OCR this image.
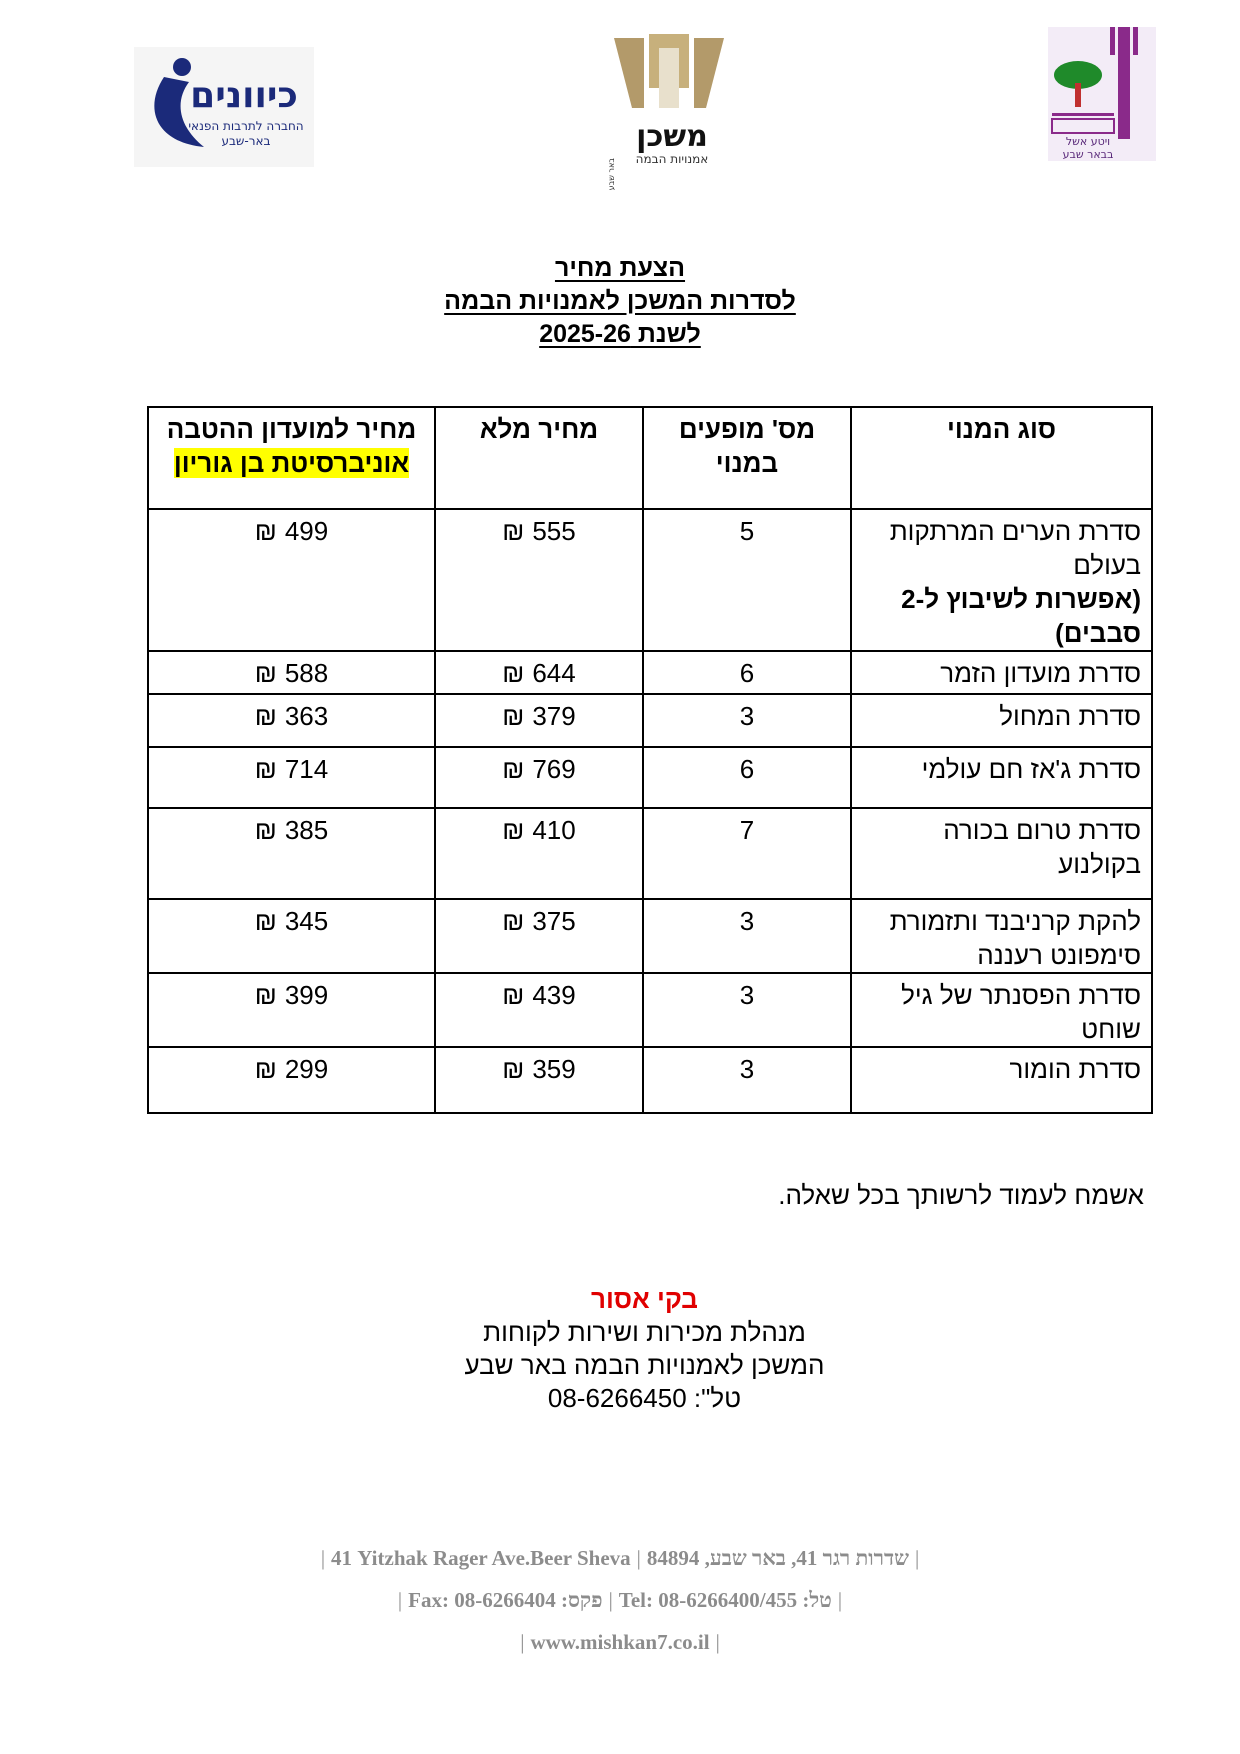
ויטע אשל
בבאר שבע
משכן
אמנויות הבמה
באר שבע
כיוונים
החברה לתרבות הפנאי
באר-שבע
הצעת מחיר
לסדרות המשכן לאמנויות הבמה
לשנת 2025-26
סוג המנוי	מס' מופעים במנוי	מחיר מלא	מחיר למועדון ההטבה
אוניברסיטת בן גוריון
סדרת הערים המרתקות בעולם
(אפשרות לשיבוץ ל-2 סבבים)	5	555₪	499₪
סדרת מועדון הזמר	6	644₪	588₪
סדרת המחול	3	379₪	363₪
סדרת ג'אז חם עולמי	6	769₪	714₪
סדרת טרום בכורה בקולנוע	7	410₪	385₪
להקת קרניבנד ותזמורת סימפונט רעננה	3	375₪	345₪
סדרת הפסנתר של גיל שוחט	3	439₪	399₪
סדרת הומור	3	359₪	299₪
אשמח לעמוד לרשותך בכל שאלה.
בקי אסור
מנהלת מכירות ושירות לקוחות
המשכן לאמנויות הבמה באר שבע
טל": 08-6266450
|שדרות רגר 41, באר שבע, 84894|41 Yitzhak Rager Ave.Beer Sheva|
|טל: 08-6266400/455 :Tel|פקס: 08-6266404 :Fax|
|www.mishkan7.co.il|
